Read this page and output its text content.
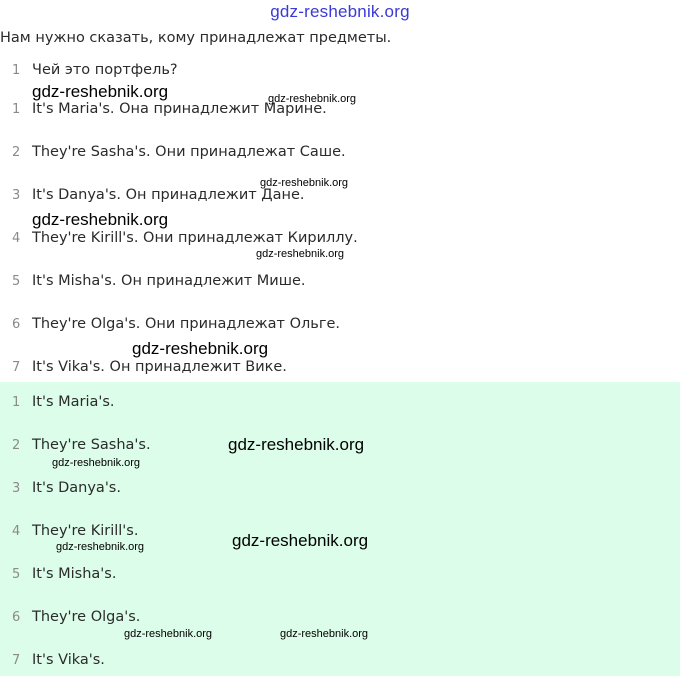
gdz-reshebnik.org
Нам нужно сказать, кому принадлежат предметы.
1 Чей это портфель?
1 It's Maria's. Она принадлежит Марине.
2 They're Sasha's. Они принадлежат Саше.
3 It's Danya's. Он принадлежит Дане.
4 They're Kirill's. Они принадлежат Кириллу.
5 It's Misha's. Он принадлежит Мише.
6 They're Olga's. Они принадлежат Ольге.
7 It's Vika's. Он принадлежит Вике.
1 It's Maria's.
2 They're Sasha's.
3 It's Danya's.
4 They're Kirill's.
5 It's Misha's.
6 They're Olga's.
7 It's Vika's.
gdz-reshebnik.org	gdz-reshebnik.org
gdz-reshebnik.org
gdz-reshebnik.org
gdz-reshebnik.org
gdz-reshebnik.org
gdz-reshebnik.org
gdz-reshebnik.org
gdz-reshebnik.org
gdz-reshebnik.org
gdz-reshebnik.org	gdz-reshebnik.org
